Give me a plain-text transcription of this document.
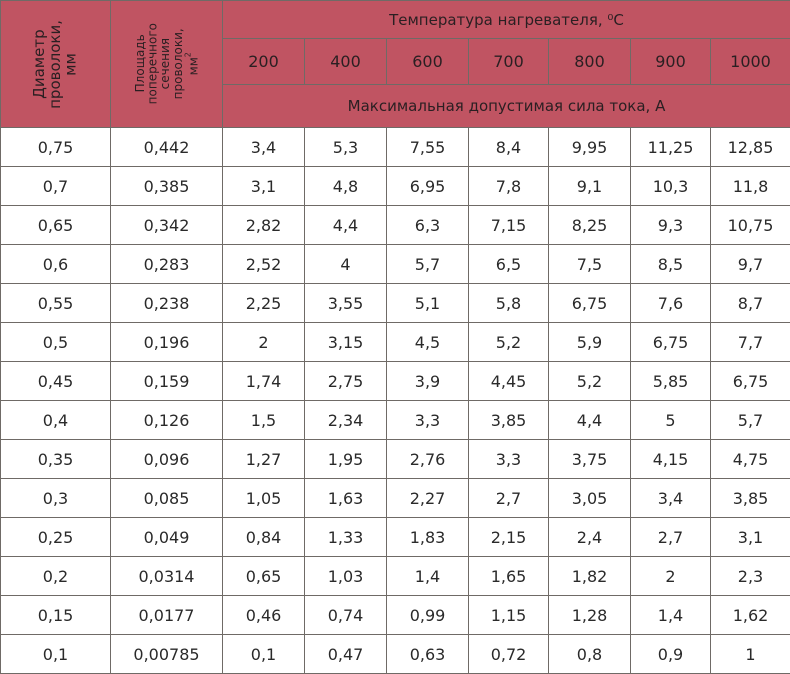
Диаметр
проволоки,
мм	Площадь
поперечного
сечения
проволоки, $мм^2$	Температура нагревателя, ⁰С						
		200	400	600	700	800	900	1000
		Максимальная допустимая сила тока, А						
0,75	0,442	3,4	5,3	7,55	8,4	9,95	11,25	12,85
0,7	0,385	3,1	4,8	6,95	7,8	9,1	10,3	11,8
0,65	0,342	2,82	4,4	6,3	7,15	8,25	9,3	10,75
0,6	0,283	2,52	4	5,7	6,5	7,5	8,5	9,7
0,55	0,238	2,25	3,55	5,1	5,8	6,75	7,6	8,7
0,5	0,196	2	3,15	4,5	5,2	5,9	6,75	7,7
0,45	0,159	1,74	2,75	3,9	4,45	5,2	5,85	6,75
0,4	0,126	1,5	2,34	3,3	3,85	4,4	5	5,7
0,35	0,096	1,27	1,95	2,76	3,3	3,75	4,15	4,75
0,3	0,085	1,05	1,63	2,27	2,7	3,05	3,4	3,85
0,25	0,049	0,84	1,33	1,83	2,15	2,4	2,7	3,1
0,2	0,0314	0,65	1,03	1,4	1,65	1,82	2	2,3
0,15	0,0177	0,46	0,74	0,99	1,15	1,28	1,4	1,62
0,1	0,00785	0,1	0,47	0,63	0,72	0,8	0,9	1
